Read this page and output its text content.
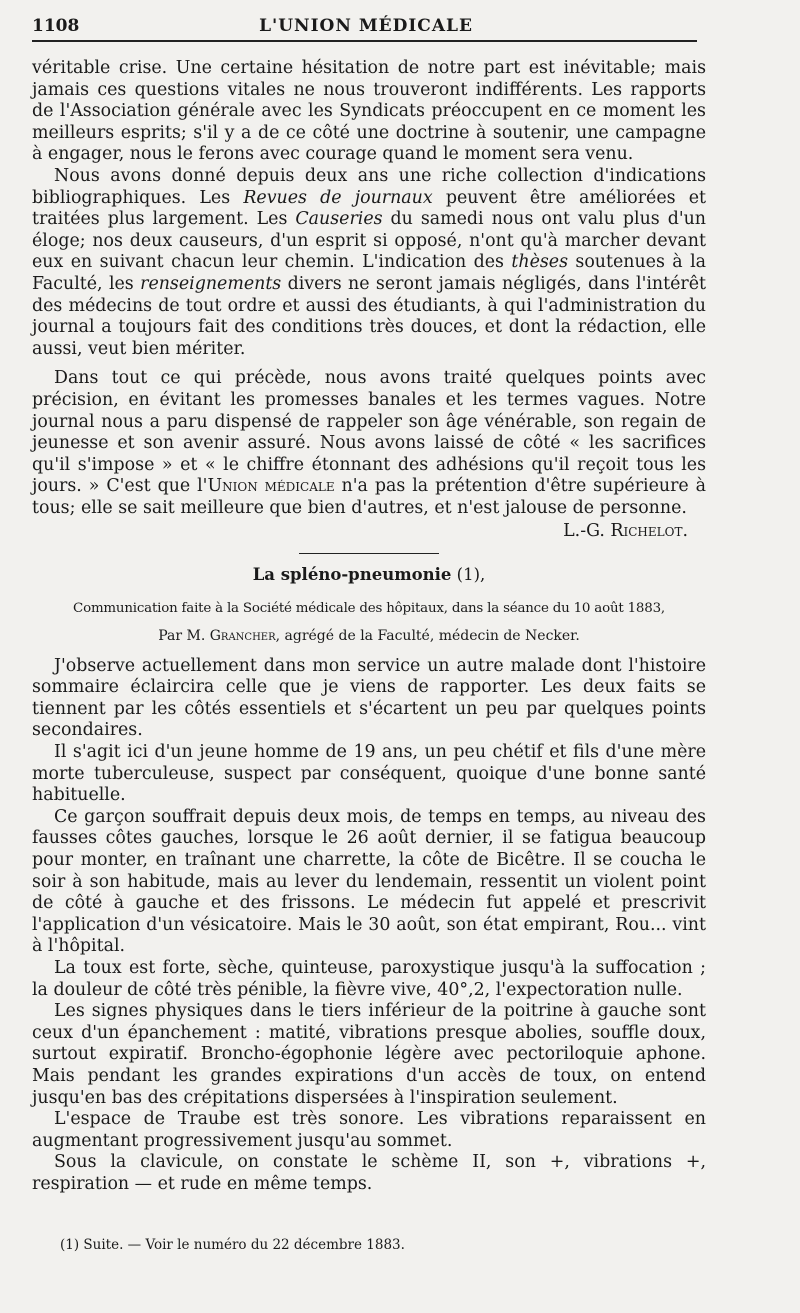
1108	L'UNION MÉDICALE

véritable crise. Une certaine hésitation de notre part est inévitable; mais jamais ces questions vitales ne nous trouveront indifférents. Les rapports de l'Association générale avec les Syndicats préoccupent en ce moment les meilleurs esprits; s'il y a de ce côté une doctrine à soutenir, une campagne à engager, nous le ferons avec courage quand le moment sera venu.

Nous avons donné depuis deux ans une riche collection d'indications bibliographiques. Les Revues de journaux peuvent être améliorées et traitées plus largement. Les Causeries du samedi nous ont valu plus d'un éloge; nos deux causeurs, d'un esprit si opposé, n'ont qu'à marcher devant eux en suivant chacun leur chemin. L'indication des thèses soutenues à la Faculté, les renseignements divers ne seront jamais négligés, dans l'intérêt des médecins de tout ordre et aussi des étudiants, à qui l'administration du journal a toujours fait des conditions très douces, et dont la rédaction, elle aussi, veut bien mériter.

Dans tout ce qui précède, nous avons traité quelques points avec précision, en évitant les promesses banales et les termes vagues. Notre journal nous a paru dispensé de rappeler son âge vénérable, son regain de jeunesse et son avenir assuré. Nous avons laissé de côté « les sacrifices qu'il s'impose » et « le chiffre étonnant des adhésions qu'il reçoit tous les jours. » C'est que l'Union médicale n'a pas la prétention d'être supérieure à tous; elle se sait meilleure que bien d'autres, et n'est jalouse de personne.

L.-G. Richelot.

La spléno-pneumonie (1),

Communication faite à la Société médicale des hôpitaux, dans la séance du 10 août 1883,

Par M. Grancher, agrégé de la Faculté, médecin de Necker.

J'observe actuellement dans mon service un autre malade dont l'histoire sommaire éclaircira celle que je viens de rapporter. Les deux faits se tiennent par les côtés essentiels et s'écartent un peu par quelques points secondaires.

Il s'agit ici d'un jeune homme de 19 ans, un peu chétif et fils d'une mère morte tuberculeuse, suspect par conséquent, quoique d'une bonne santé habituelle.

Ce garçon souffrait depuis deux mois, de temps en temps, au niveau des fausses côtes gauches, lorsque le 26 août dernier, il se fatigua beaucoup pour monter, en traînant une charrette, la côte de Bicêtre. Il se coucha le soir à son habitude, mais au lever du lendemain, ressentit un violent point de côté à gauche et des frissons. Le médecin fut appelé et prescrivit l'application d'un vésicatoire. Mais le 30 août, son état empirant, Rou... vint à l'hôpital.

La toux est forte, sèche, quinteuse, paroxystique jusqu'à la suffocation ; la douleur de côté très pénible, la fièvre vive, 40°,2, l'expectoration nulle.

Les signes physiques dans le tiers inférieur de la poitrine à gauche sont ceux d'un épanchement : matité, vibrations presque abolies, souffle doux, surtout expiratif. Broncho-égophonie légère avec pectoriloquie aphone. Mais pendant les grandes expirations d'un accès de toux, on entend jusqu'en bas des crépitations dispersées à l'inspiration seulement.

L'espace de Traube est très sonore. Les vibrations reparaissent en augmentant progressivement jusqu'au sommet.

Sous la clavicule, on constate le schème II, son +, vibrations +, respiration — et rude en même temps.

(1) Suite. — Voir le numéro du 22 décembre 1883.
